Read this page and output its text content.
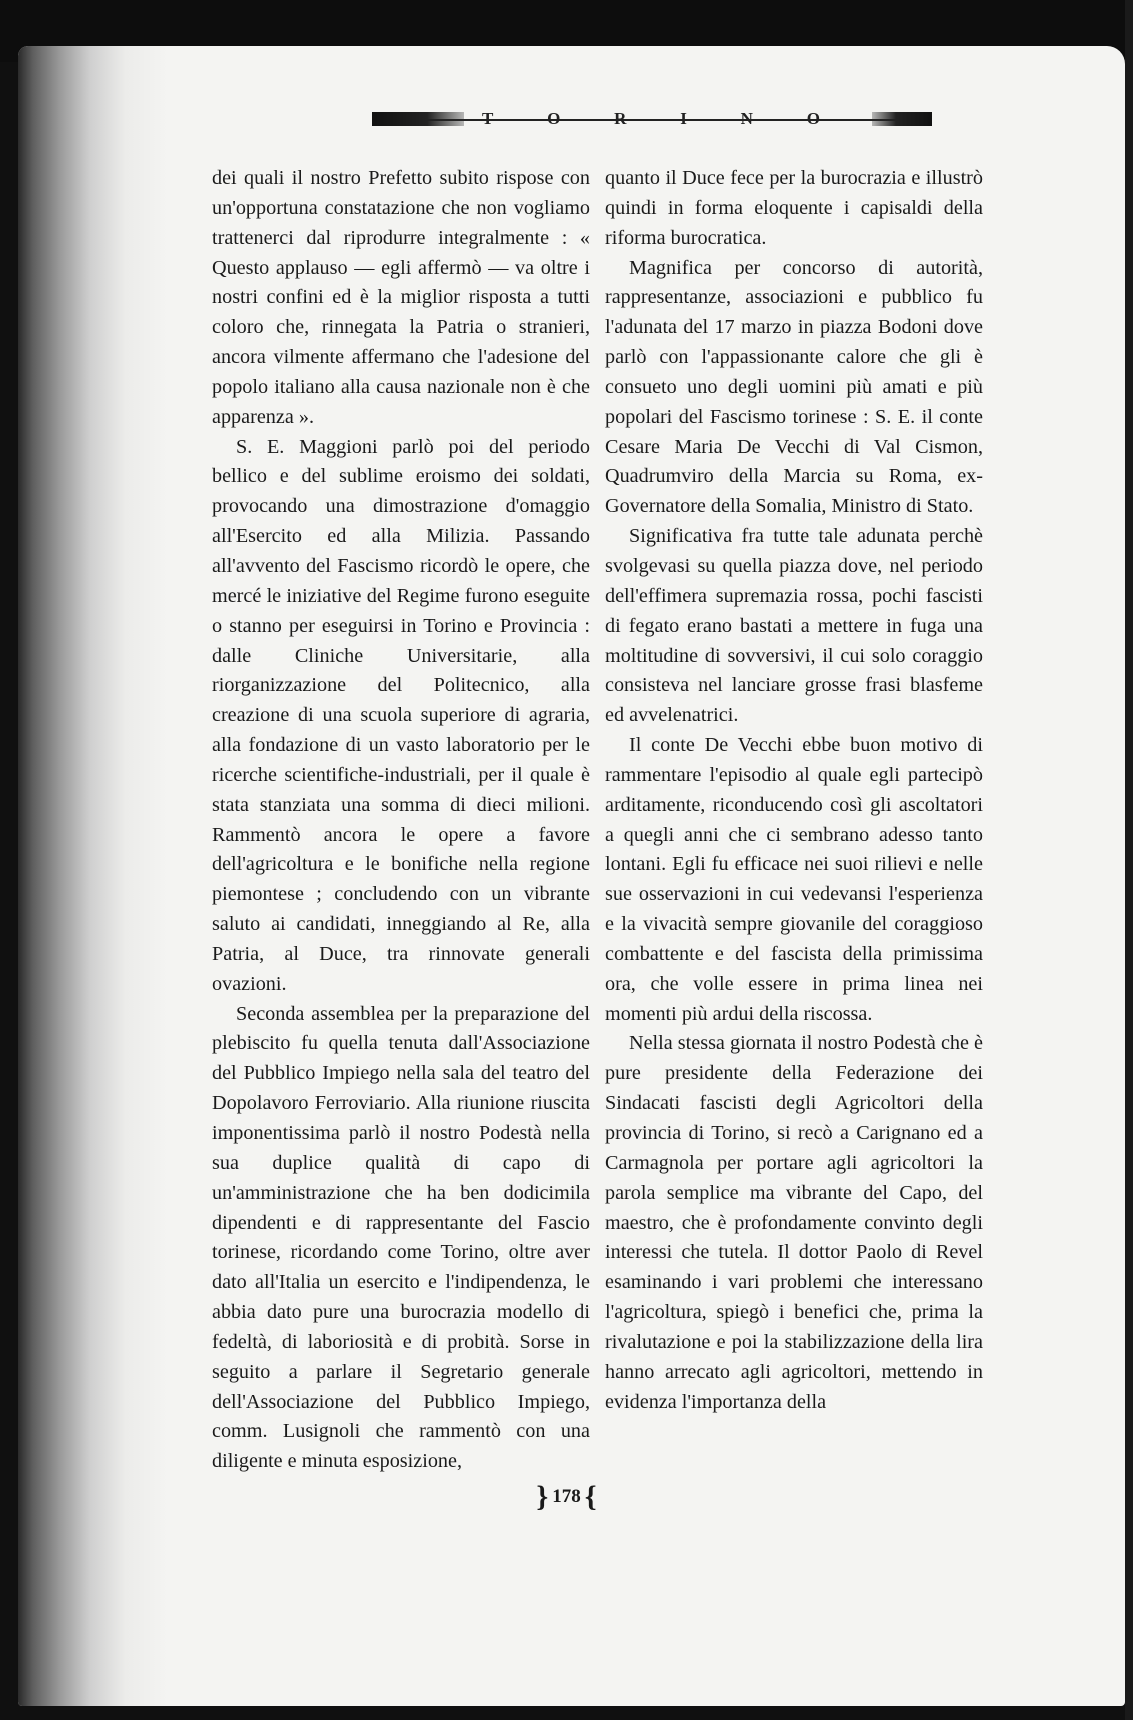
T	O	R	I	N	O

dei quali il nostro Prefetto subito rispose con un'opportuna constatazione che non vogliamo trattenerci dal riprodurre integralmente : « Questo applauso — egli affermò — va oltre i nostri confini ed è la miglior risposta a tutti coloro che, rinnegata la Patria o stranieri, ancora vilmente affermano che l'adesione del popolo italiano alla causa nazionale non è che apparenza ».

S. E. Maggioni parlò poi del periodo bellico e del sublime eroismo dei soldati, provocando una dimostrazione d'omaggio all'Esercito ed alla Milizia. Passando all'avvento del Fascismo ricordò le opere, che mercé le iniziative del Regime furono eseguite o stanno per eseguirsi in Torino e Provincia : dalle Cliniche Universitarie, alla riorganizzazione del Politecnico, alla creazione di una scuola superiore di agraria, alla fondazione di un vasto laboratorio per le ricerche scientifiche-industriali, per il quale è stata stanziata una somma di dieci milioni. Rammentò ancora le opere a favore dell'agricoltura e le bonifiche nella regione piemontese ; concludendo con un vibrante saluto ai candidati, inneggiando al Re, alla Patria, al Duce, tra rinnovate generali ovazioni.

Seconda assemblea per la preparazione del plebiscito fu quella tenuta dall'Associazione del Pubblico Impiego nella sala del teatro del Dopolavoro Ferroviario. Alla riunione riuscita imponentissima parlò il nostro Podestà nella sua duplice qualità di capo di un'amministrazione che ha ben dodicimila dipendenti e di rappresentante del Fascio torinese, ricordando come Torino, oltre aver dato all'Italia un esercito e l'indipendenza, le abbia dato pure una burocrazia modello di fedeltà, di laboriosità e di probità. Sorse in seguito a parlare il Segretario generale dell'Associazione del Pubblico Impiego, comm. Lusignoli che rammentò con una diligente e minuta esposizione,

quanto il Duce fece per la burocrazia e illustrò quindi in forma eloquente i capisaldi della riforma burocratica.

Magnifica per concorso di autorità, rappresentanze, associazioni e pubblico fu l'adunata del 17 marzo in piazza Bodoni dove parlò con l'appassionante calore che gli è consueto uno degli uomini più amati e più popolari del Fascismo torinese : S. E. il conte Cesare Maria De Vecchi di Val Cismon, Quadrumviro della Marcia su Roma, ex-Governatore della Somalia, Ministro di Stato.

Significativa fra tutte tale adunata perchè svolgevasi su quella piazza dove, nel periodo dell'effimera supremazia rossa, pochi fascisti di fegato erano bastati a mettere in fuga una moltitudine di sovversivi, il cui solo coraggio consisteva nel lanciare grosse frasi blasfeme ed avvelenatrici.

Il conte De Vecchi ebbe buon motivo di rammentare l'episodio al quale egli partecipò arditamente, riconducendo così gli ascoltatori a quegli anni che ci sembrano adesso tanto lontani. Egli fu efficace nei suoi rilievi e nelle sue osservazioni in cui vedevansi l'esperienza e la vivacità sempre giovanile del coraggioso combattente e del fascista della primissima ora, che volle essere in prima linea nei momenti più ardui della riscossa.

Nella stessa giornata il nostro Podestà che è pure presidente della Federazione dei Sindacati fascisti degli Agricoltori della provincia di Torino, si recò a Carignano ed a Carmagnola per portare agli agricoltori la parola semplice ma vibrante del Capo, del maestro, che è profondamente convinto degli interessi che tutela. Il dottor Paolo di Revel esaminando i vari problemi che interessano l'agricoltura, spiegò i benefici che, prima la rivalutazione e poi la stabilizzazione della lira hanno arrecato agli agricoltori, mettendo in evidenza l'importanza della

} 178 {
